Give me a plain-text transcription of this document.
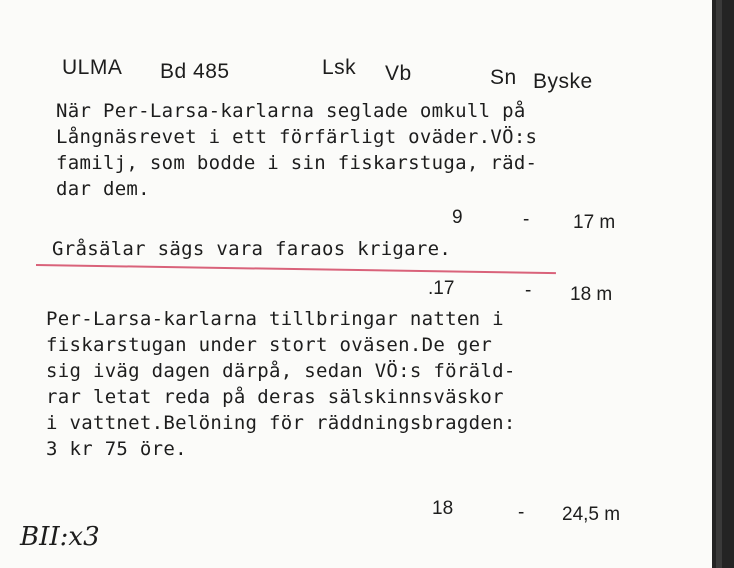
ULMA Bd 485	Lsk Vb	Sn Byske
När Per-Larsa-karlarna seglade omkull på
Långnäsrevet i ett förfärligt oväder.VÖ:s
familj, som bodde i sin fiskarstuga, räd-
dar dem.
9	- 17 m
Gråsälar sägs vara faraos krigare.
.17	- 18 m
Per-Larsa-karlarna tillbringar natten i
fiskarstugan under stort oväsen.De ger
sig iväg dagen därpå, sedan VÖ:s föräld-
rar letat reda på deras sälskinnsväskor
i vattnet.Belöning för räddningsbragden:
3 kr 75 öre.
18	- 24,5 m
BII:x3
